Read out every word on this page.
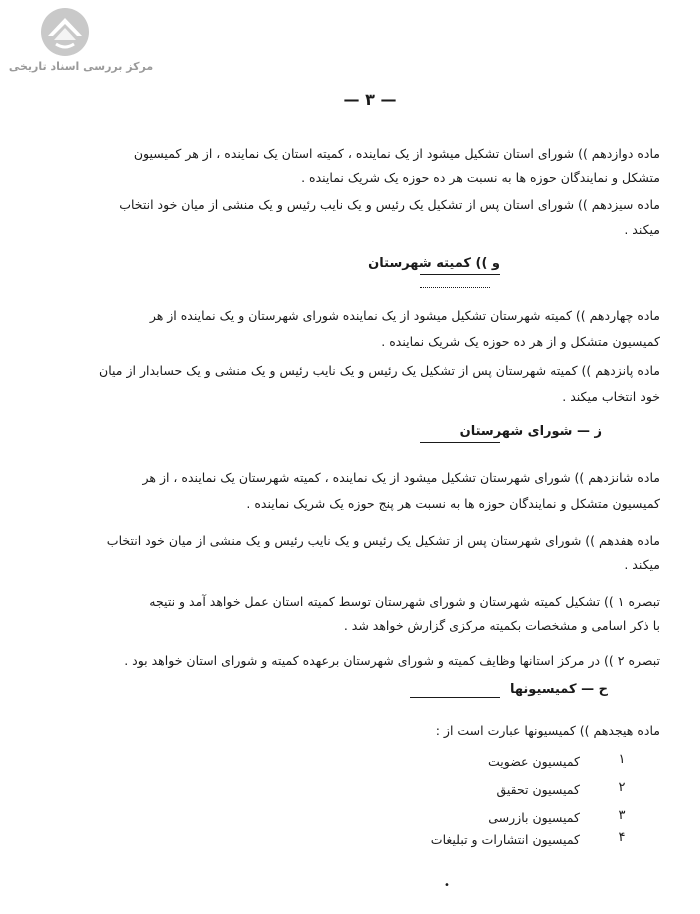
مرکز بررسی اسناد تاریخی
— ۳ —
ماده دوازدهم )) شورای استان تشکیل میشود از یک نماینده ، کمیته استان یک نماینده ، از هر کمیسیون
متشکل و نمایندگان حوزه ها به نسبت هر ده حوزه یک شریک نماینده .
ماده سیزدهم )) شورای استان پس از تشکیل یک رئیس و یک نایب رئیس و یک منشی از میان خود انتخاب
میکند .
و )) کمیته شهرستان
ماده چهاردهم )) کمیته شهرستان تشکیل میشود از یک نماینده شورای شهرستان و یک نماینده از هر
کمیسیون متشکل و از هر ده حوزه یک شریک نماینده .
ماده پانزدهم )) کمیته شهرستان پس از تشکیل یک رئیس و یک نایب رئیس و یک منشی و یک حسابدار از میان
خود انتخاب میکند .
ز — شورای شهرستان
ماده شانزدهم )) شورای شهرستان تشکیل میشود از یک نماینده ، کمیته شهرستان یک نماینده ، از هر
کمیسیون متشکل و نمایندگان حوزه ها به نسبت هر پنج حوزه یک شریک نماینده .
ماده هفدهم )) شورای شهرستان پس از تشکیل یک رئیس و یک نایب رئیس و یک منشی از میان خود انتخاب
میکند .
تبصره ۱ )) تشکیل کمیته شهرستان و شورای شهرستان توسط کمیته استان عمل خواهد آمد و نتیجه
با ذکر اسامی و مشخصات بکمیته مرکزی گزارش خواهد شد .
تبصره ۲ )) در مرکز استانها وظایف کمیته و شورای شهرستان برعهده کمیته و شورای استان خواهد بود .
ح — کمیسیونها
ماده هیجدهم )) کمیسیونها عبارت است از :
۱
کمیسیون عضویت
۲
کمیسیون تحقیق
۳
کمیسیون بازرسی
۴
کمیسیون انتشارات و تبلیغات
•
